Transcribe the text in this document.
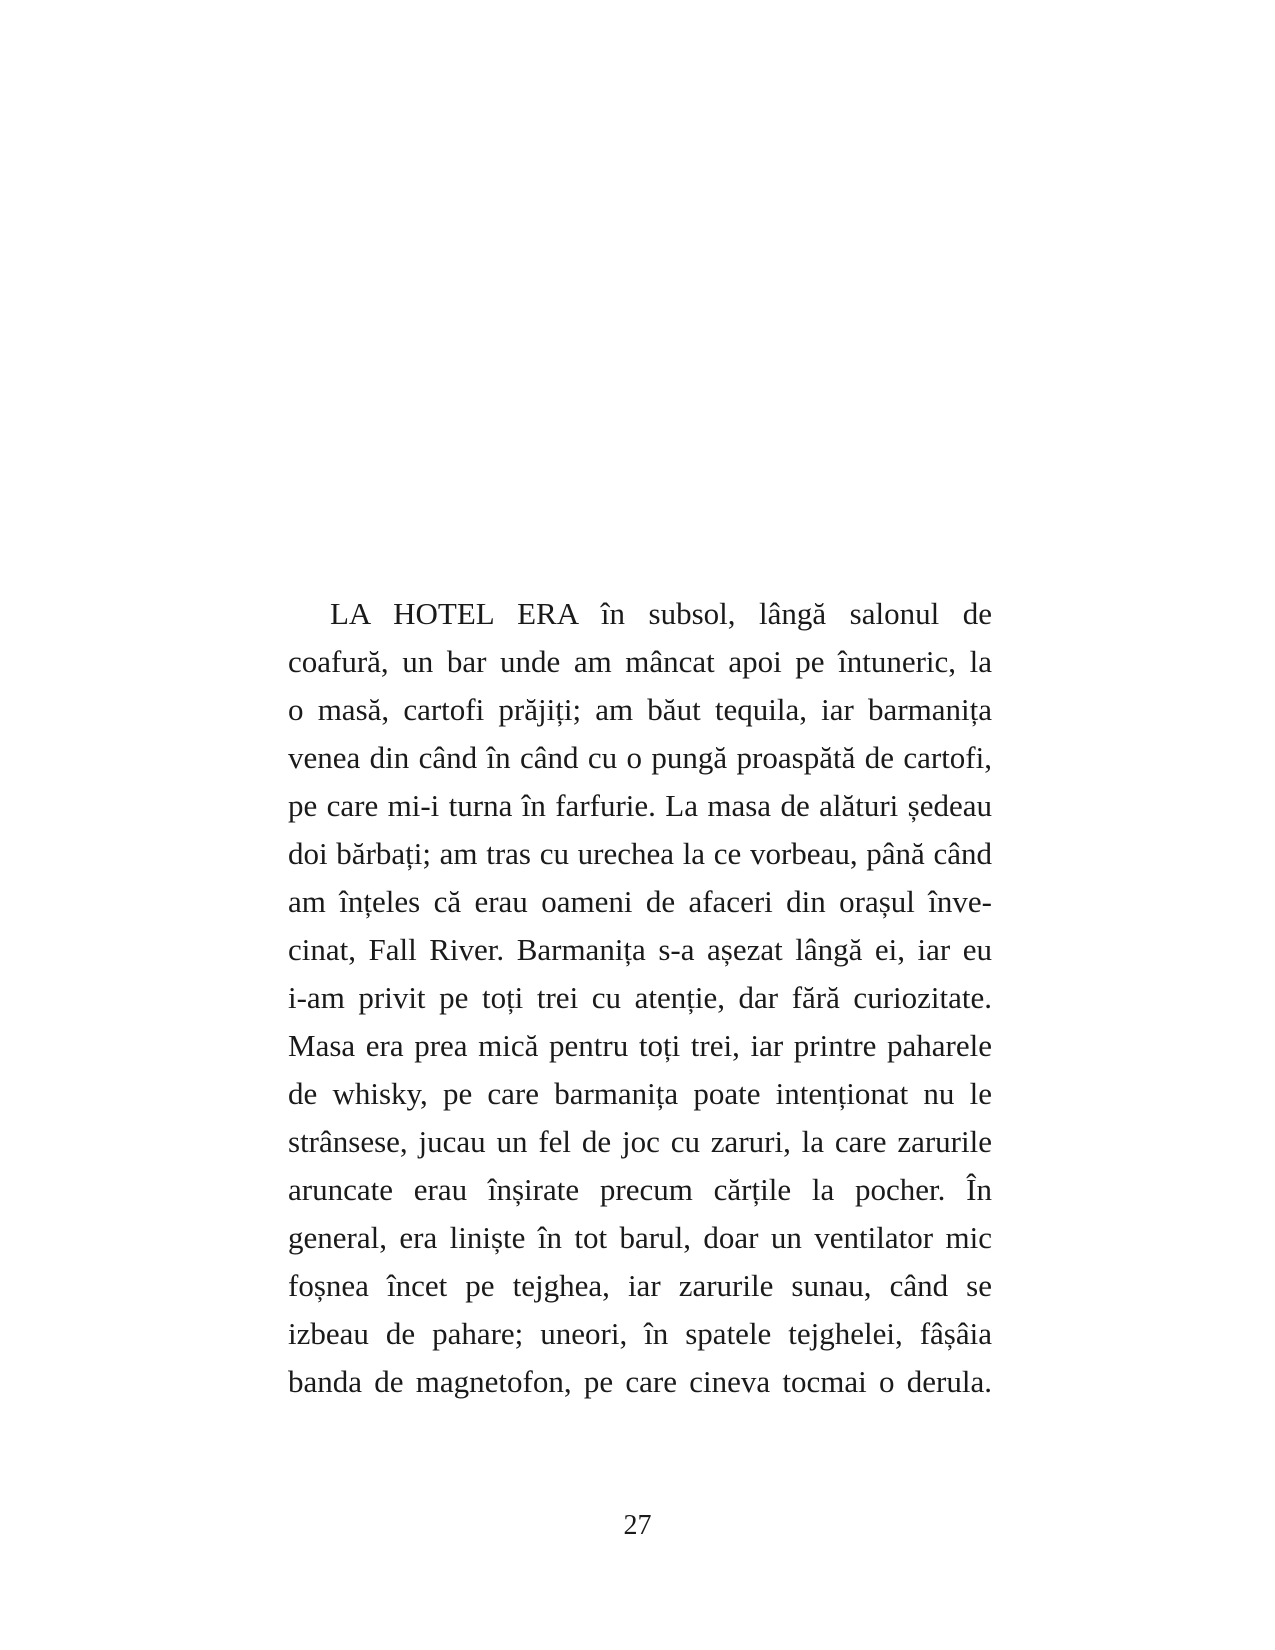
LA HOTEL ERA în subsol, lângă salonul de
coafură, un bar unde am mâncat apoi pe întuneric, la
o masă, cartofi prăjiți; am băut tequila, iar barmanița
venea din când în când cu o pungă proaspătă de cartofi,
pe care mi-i turna în farfurie. La masa de alături ședeau
doi bărbați; am tras cu urechea la ce vorbeau, până când
am înțeles că erau oameni de afaceri din orașul înve-
cinat, Fall River. Barmanița s-a așezat lângă ei, iar eu
i-am privit pe toți trei cu atenție, dar fără curiozitate.
Masa era prea mică pentru toți trei, iar printre paharele
de whisky, pe care barmanița poate intenționat nu le
strânsese, jucau un fel de joc cu zaruri, la care zarurile
aruncate erau înșirate precum cărțile la pocher. În
general, era liniște în tot barul, doar un ventilator mic
foșnea încet pe tejghea, iar zarurile sunau, când se
izbeau de pahare; uneori, în spatele tejghelei, fâșâia
banda de magnetofon, pe care cineva tocmai o derula.
27
